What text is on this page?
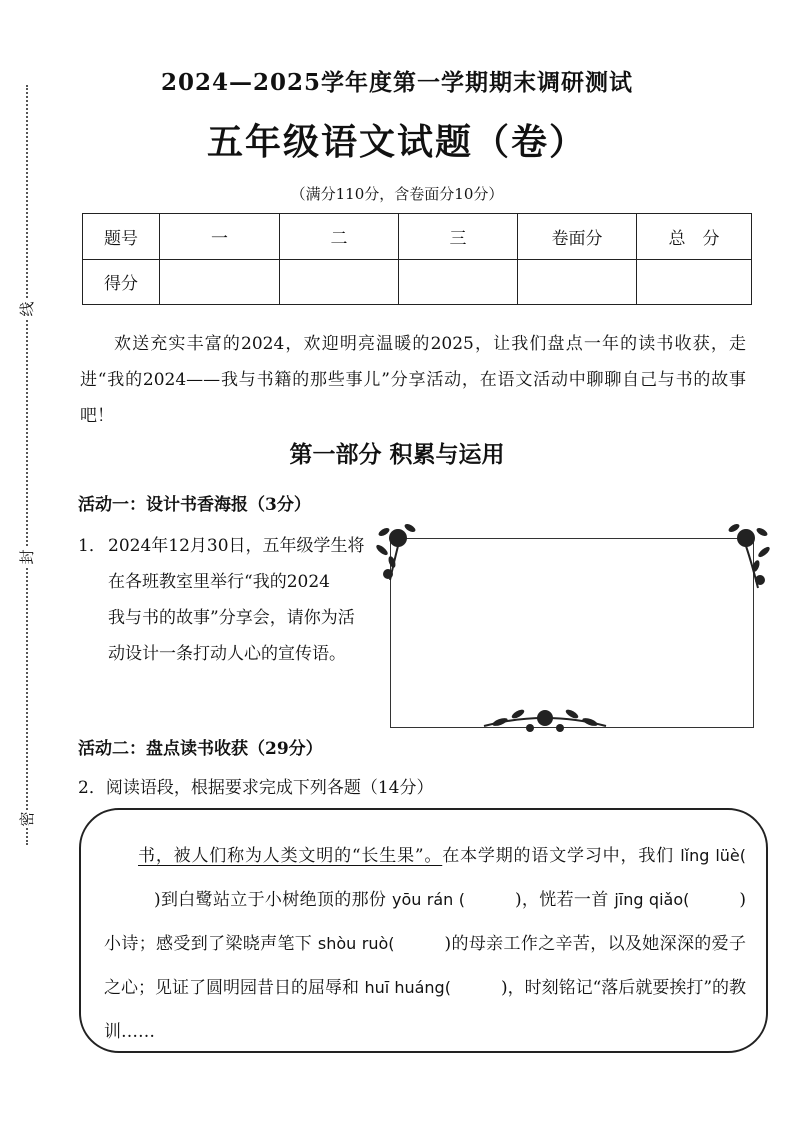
线
封
密
2024—2025学年度第一学期期末调研测试
五年级语文试题（卷）
（满分110分，含卷面分10分）
题号	一	二	三	卷面分	总　分
得分					
欢送充实丰富的2024，欢迎明亮温暖的2025，让我们盘点一年的读书收获，走进“我的2024——我与书籍的那些事儿”分享活动，在语文活动中聊聊自己与书的故事吧！
第一部分 积累与运用
活动一：设计书香海报（3分）
1． 2024年12月30日，五年级学生将在各班教室里举行“我的2024　　我与书的故事”分享会，请你为活动设计一条打动人心的宣传语。
活动二：盘点读书收获（29分）
2．阅读语段，根据要求完成下列各题（14分）
书，被人们称为人类文明的“长生果”。在本学期的语文学习中，我们 lǐng lüè()到白鹭站立于小树绝顶的那份 yōu rán (	)，恍若一首 jīng qiǎo(	)小诗；感受到了梁晓声笔下 shòu ruò(	)的母亲工作之辛苦，以及她深深的爱子之心；见证了圆明园昔日的屈辱和 huī huáng(	)，时刻铭记“落后就要挨打”的教训……
